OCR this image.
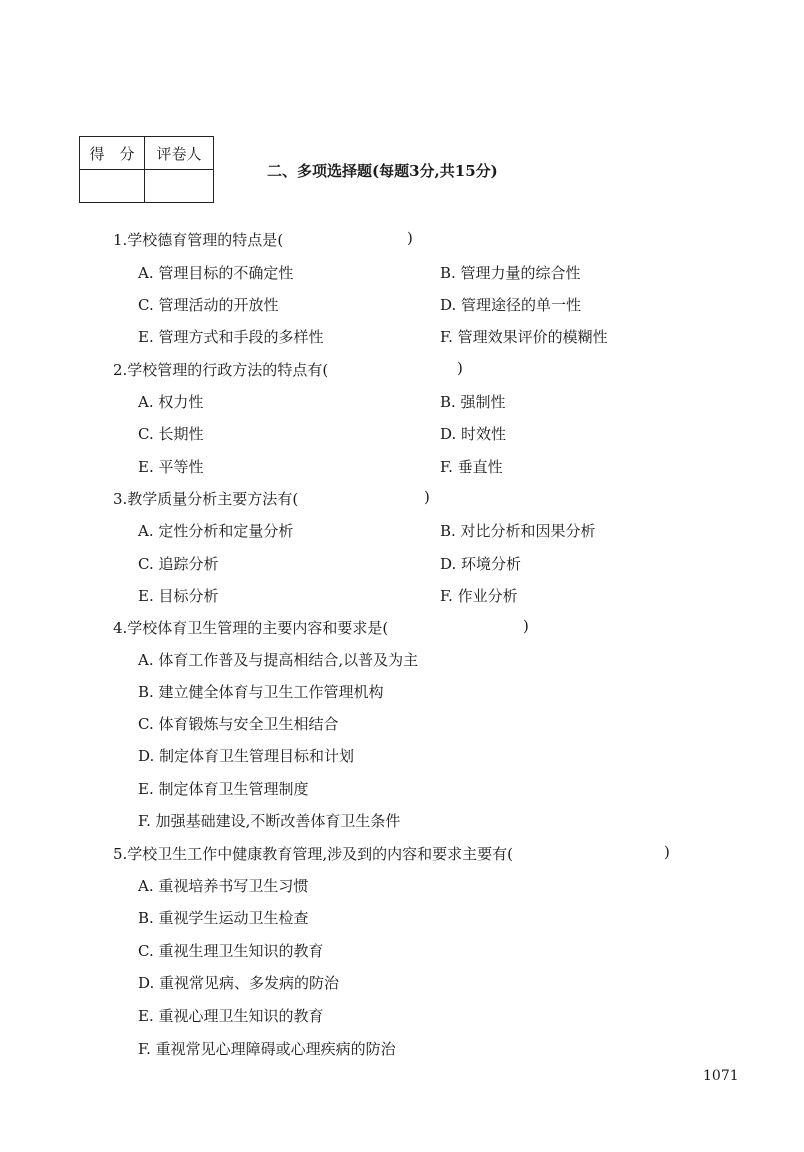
得　分	评卷人

二、多项选择题(每题3分,共15分)
1.学校德育管理的特点是(	)
A. 管理目标的不确定性	B. 管理力量的综合性
C. 管理活动的开放性	D. 管理途径的单一性
E. 管理方式和手段的多样性	F. 管理效果评价的模糊性
2.学校管理的行政方法的特点有(	)
A. 权力性	B. 强制性
C. 长期性	D. 时效性
E. 平等性	F. 垂直性
3.教学质量分析主要方法有(	)
A. 定性分析和定量分析	B. 对比分析和因果分析
C. 追踪分析	D. 环境分析
E. 目标分析	F. 作业分析
4.学校体育卫生管理的主要内容和要求是(	)
A. 体育工作普及与提高相结合,以普及为主
B. 建立健全体育与卫生工作管理机构
C. 体育锻炼与安全卫生相结合
D. 制定体育卫生管理目标和计划
E. 制定体育卫生管理制度
F. 加强基础建设,不断改善体育卫生条件
5.学校卫生工作中健康教育管理,涉及到的内容和要求主要有(	)
A. 重视培养书写卫生习惯
B. 重视学生运动卫生检查
C. 重视生理卫生知识的教育
D. 重视常见病、多发病的防治
E. 重视心理卫生知识的教育
F. 重视常见心理障碍或心理疾病的防治
1071
